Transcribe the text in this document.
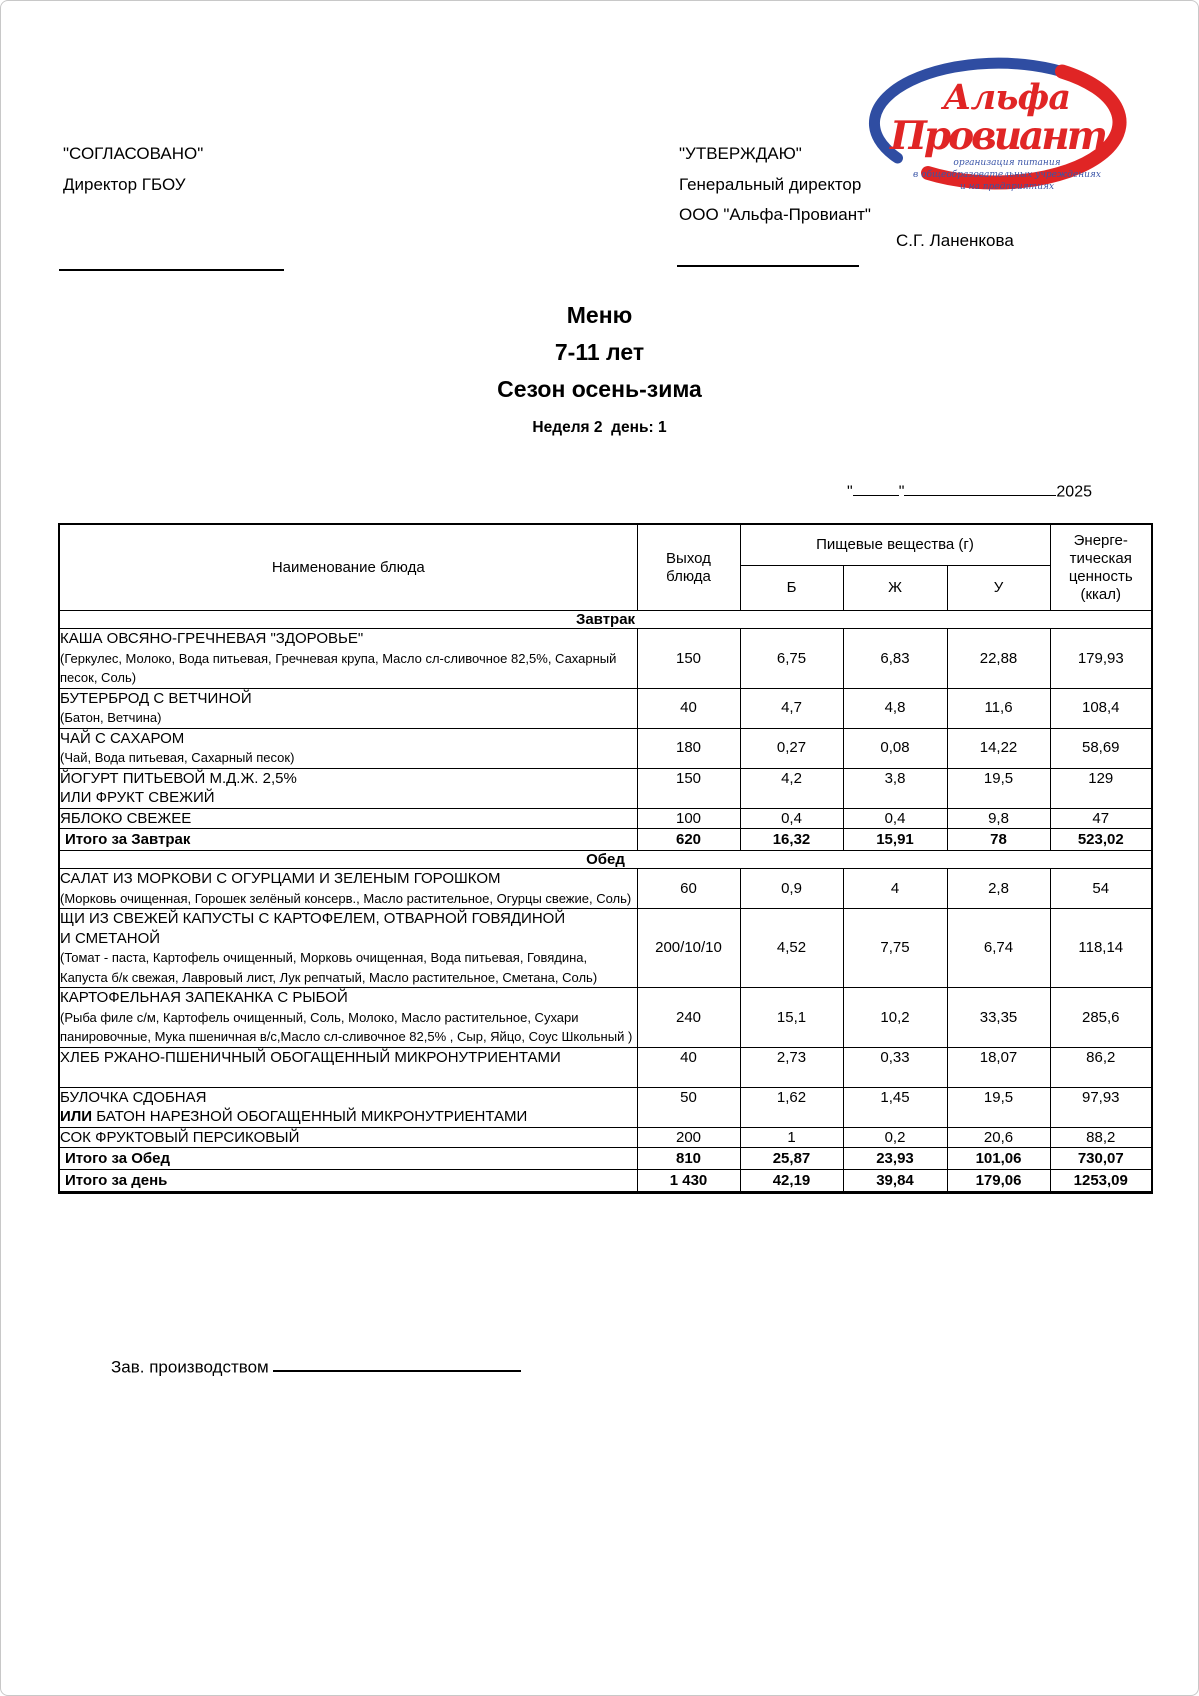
"СОГЛАСОВАНО"
Директор ГБОУ
"УТВЕРЖДАЮ"
Генеральный директор
ООО "Альфа-Провиант"
С.Г. Ланенкова
Альфа
Провиант
организация питания
в общеобразовательных учреждениях
и на предприятиях
Меню
7-11 лет
Сезон осень-зима
Неделя 2  день: 1
"	"	2025
Наименование блюда	
Выход
блюда
	Пищевые вещества (г)	Энерге-
тическая
ценность
(ккал)

		Б	Ж	У	
Завтрак					

КАША ОВСЯНО-ГРЕЧНЕВАЯ "ЗДОРОВЬЕ"
(Геркулес, Молоко, Вода питьевая, Гречневая крупа, Масло сл-сливочное 82,5%, Сахарный песок, Соль)	150	6,75	6,83	22,88	179,93

БУТЕРБРОД С ВЕТЧИНОЙ
(Батон, Ветчина)	40	4,7	4,8	11,6	108,4

ЧАЙ С САХАРОМ
(Чай, Вода питьевая, Сахарный песок)	180	0,27	0,08	14,22	58,69

ЙОГУРТ ПИТЬЕВОЙ М.Д.Ж. 2,5%
ИЛИ ФРУКТ СВЕЖИЙ	150	4,2	3,8	19,5	129

ЯБЛОКО СВЕЖЕЕ	100	0,4	0,4	9,8	47
Итого за Завтрак	620	16,32	15,91	78	523,02
Обед					

САЛАТ ИЗ МОРКОВИ С ОГУРЦАМИ И ЗЕЛЕНЫМ ГОРОШКОМ
(Морковь очищенная, Горошек зелёный консерв., Масло растительное, Огурцы свежие, Соль)	60	0,9	4	2,8	54

ЩИ ИЗ СВЕЖЕЙ КАПУСТЫ С КАРТОФЕЛЕМ, ОТВАРНОЙ ГОВЯДИНОЙ
И СМЕТАНОЙ
(Томат - паста, Картофель очищенный, Морковь очищенная, Вода питьевая, Говядина, Капуста б/к свежая, Лавровый лист, Лук репчатый, Масло растительное, Сметана, Соль)	200/10/10	4,52	7,75	6,74	118,14

КАРТОФЕЛЬНАЯ ЗАПЕКАНКА С РЫБОЙ
(Рыба филе с/м, Картофель очищенный, Соль, Молоко, Масло растительное, Сухари панировочные, Мука пшеничная в/с,Масло сл-сливочное 82,5% , Сыр, Яйцо, Соус Школьный )	240	15,1	10,2	33,35	285,6

ХЛЕБ РЖАНО-ПШЕНИЧНЫЙ ОБОГАЩЕННЫЙ МИКРОНУТРИЕНТАМИ	40	2,73	0,33	18,07	86,2

БУЛОЧКА СДОБНАЯ
ИЛИ БАТОН НАРЕЗНОЙ ОБОГАЩЕННЫЙ МИКРОНУТРИЕНТАМИ	50	1,62	1,45	19,5	97,93

СОК ФРУКТОВЫЙ ПЕРСИКОВЫЙ	200	1	0,2	20,6	88,2
Итого за Обед	810	25,87	23,93	101,06	730,07
Итого за день	1 430	42,19	39,84	179,06	1253,09
Зав. производством
